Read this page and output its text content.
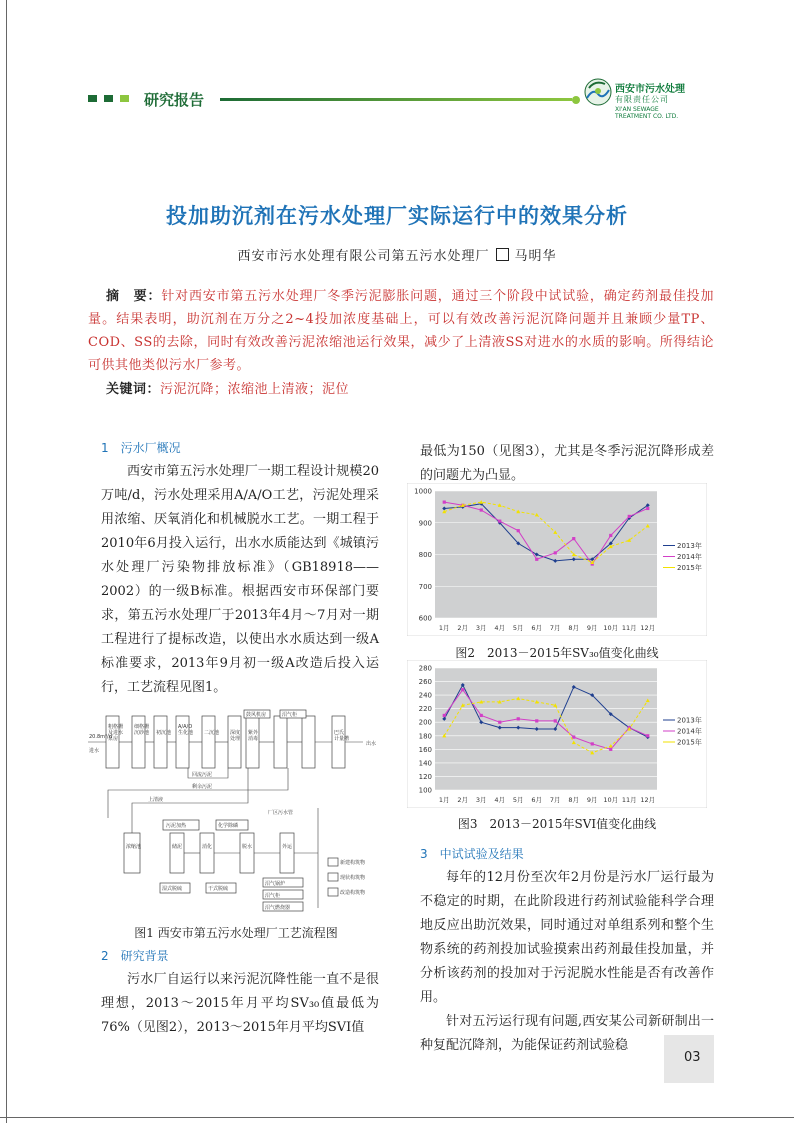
研究报告
西安市污水处理
有限责任公司
XI'AN SEWAGE
TREATMENT CO. LTD.
投加助沉剂在污水处理厂实际运行中的效果分析
西安市污水处理有限公司第五污水处理厂 马明华
摘　要：针对西安市第五污水处理厂冬季污泥膨胀问题，通过三个阶段中试试验，确定药剂最佳投加量。结果表明，助沉剂在万分之2~4投加浓度基础上，可以有效改善污泥沉降问题并且兼顾少量TP、COD、SS的去除，同时有效改善污泥浓缩池运行效果，减少了上清液SS对进水的水质的影响。所得结论可供其他类似污水厂参考。
关键词：污泥沉降；浓缩池上清液；泥位
1　污水厂概况

西安市第五污水处理厂一期工程设计规模20万吨/d，污水处理采用A/A/O工艺，污泥处理采用浓缩、厌氧消化和机械脱水工艺。一期工程于2010年6月投入运行，出水水质能达到《城镇污水处理厂污染物排放标准》（GB18918——2002）的一级B标准。根据西安市环保部门要求，第五污水处理厂于2013年4月～7月对一期工程进行了提标改造，以使出水水质达到一级A标准要求，2013年9月初一级A改造后投入运行，工艺流程见图1。

20.8m³/d
进水
出水
粗格栅
及进水
泵房
细格栅
沉砂池 初沉池
A/A/O
生化池 二沉池 深度
处理
紫外
消毒
鼓风机房	沼气柜
巴氏
计量槽
浓缩池	储泥	消化	脱水	外运
污泥加热	化学除磷
湿式脱硫	干式脱硫
沼气锅炉
沼气柜
沼气燃烧器
回流污泥
剩余污泥
上清液
厂区污水管
新建构筑物
现状构筑物
改造构筑物
图1 西安市第五污水处理厂工艺流程图
2　研究背景

污水厂自运行以来污泥沉降性能一直不是很理想，2013～2015年月平均SV₃₀值最低为76%（见图2），2013～2015年月平均SVI值

600
700
800
900
1000
1月 2月 3月 4月 5月 6月 7月 8月 9月 10月 11月 12月
2013年
2014年
2015年
图2　2013－2015年SV₃₀值变化曲线
100
120
140
160
180
200
220
240
260
280
1月 2月 3月 4月 5月 6月 7月 8月 9月 10月 11月 12月
2013年
2014年
2015年
图3　2013－2015年SVI值变化曲线

最低为150（见图3），尤其是冬季污泥沉降形成差的问题尤为凸显。

3　中试试验及结果

每年的12月份至次年2月份是污水厂运行最为不稳定的时期，在此阶段进行药剂试验能科学合理地反应出助沉效果，同时通过对单组系列和整个生物系统的药剂投加试验摸索出药剂最佳投加量，并分析该药剂的投加对于污泥脱水性能是否有改善作用。

针对五污运行现有问题,西安某公司新研制出一种复配沉降剂，为能保证药剂试验稳

03
